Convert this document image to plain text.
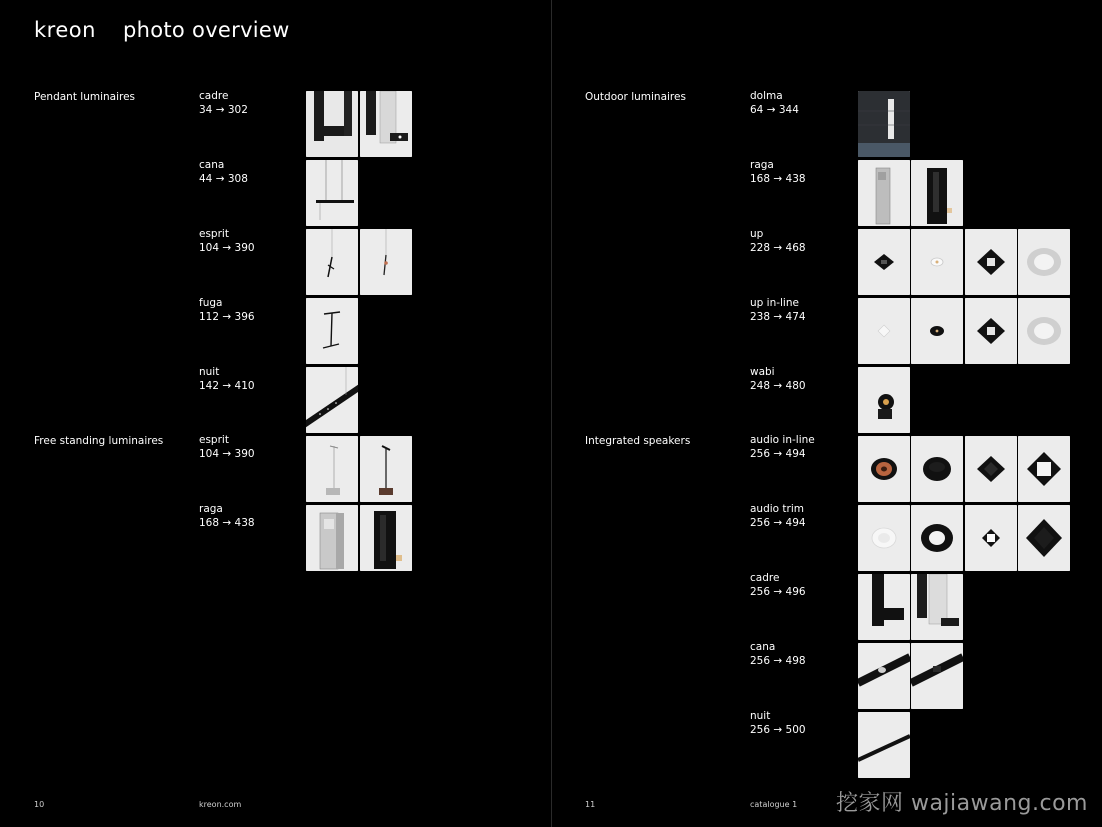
kreon photo overview
Pendant luminaires	cadre
34 → 302
cana
44 → 308
esprit
104 → 390
fuga
112 → 396
nuit
142 → 410
Free standing luminaires	esprit
104 → 390
raga
168 → 438
10	kreon.com
Outdoor luminaires	dolma
64 → 344
raga
168 → 438
up
228 → 468
up in-line
238 → 474
wabi
248 → 480
Integrated speakers	audio in-line
256 → 494
audio trim
256 → 494
cadre
256 → 496
cana
256 → 498
nuit
256 → 500
11	catalogue 1 挖家网 wajiawang.com
